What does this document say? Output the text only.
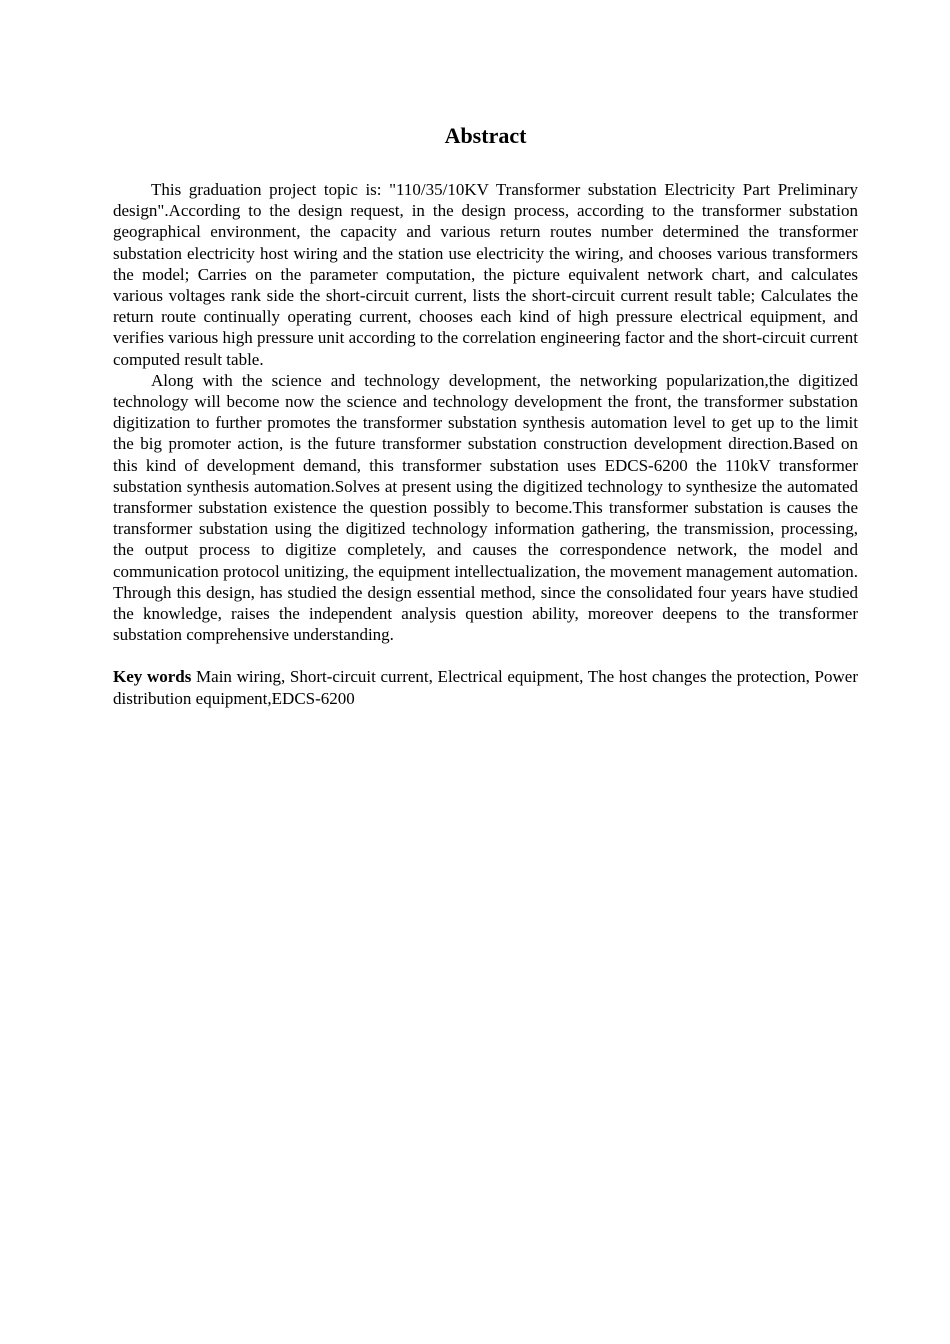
Abstract

This graduation project topic is: "110/35/10KV Transformer substation Electricity Part Preliminary design".According to the design request, in the design process, according to the transformer substation geographical environment, the capacity and various return routes number determined the transformer substation electricity host wiring and the station use electricity the wiring, and chooses various transformers the model; Carries on the parameter computation, the picture equivalent network chart, and calculates various voltages rank side the short-circuit current, lists the short-circuit current result table; Calculates the return route continually operating current, chooses each kind of high pressure electrical equipment, and verifies various high pressure unit according to the correlation engineering factor and the short-circuit current computed result table.

Along with the science and technology development, the networking popularization,the digitized technology will become now the science and technology development the front, the transformer substation digitization to further promotes the transformer substation synthesis automation level to get up to the limit the big promoter action, is the future transformer substation construction development direction.Based on this kind of development demand, this transformer substation uses EDCS-6200 the 110kV transformer substation synthesis automation.Solves at present using the digitized technology to synthesize the automated transformer substation existence the question possibly to become.This transformer substation is causes the transformer substation using the digitized technology information gathering, the transmission, processing, the output process to digitize completely, and causes the correspondence network, the model and communication protocol unitizing, the equipment intellectualization, the movement management automation. Through this design, has studied the design essential method, since the consolidated four years have studied the knowledge, raises the independent analysis question ability, moreover deepens to the transformer substation comprehensive understanding.

Key words Main wiring, Short-circuit current, Electrical equipment, The host changes the protection, Power distribution equipment,EDCS-6200
